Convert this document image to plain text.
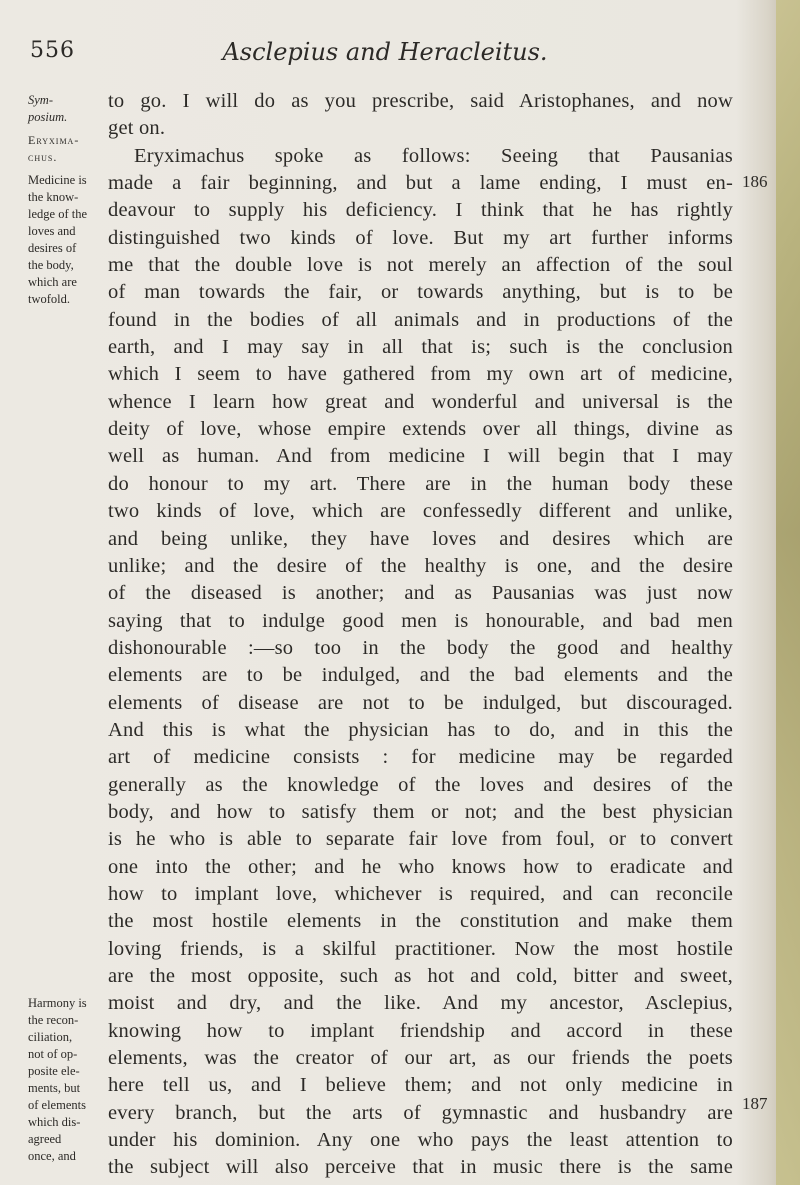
556	Asclepius and Heracleitus.
Sym-
posium.
Eryxima-
chus.
Medicine is
the know-
ledge of the
loves and
desires of
the body,
which are
twofold.
Harmony is
the recon-
ciliation,
not of op-
posite ele-
ments, but
of elements
which dis-
agreed
once, and
186
187
to go. I will do as you prescribe, said Aristophanes, and now
get on.
Eryximachus spoke as follows: Seeing that Pausanias
made a fair beginning, and but a lame ending, I must en-
deavour to supply his deficiency. I think that he has rightly
distinguished two kinds of love. But my art further informs
me that the double love is not merely an affection of the soul
of man towards the fair, or towards anything, but is to be
found in the bodies of all animals and in productions of the
earth, and I may say in all that is; such is the conclusion
which I seem to have gathered from my own art of medicine,
whence I learn how great and wonderful and universal is the
deity of love, whose empire extends over all things, divine as
well as human. And from medicine I will begin that I may
do honour to my art. There are in the human body these
two kinds of love, which are confessedly different and unlike,
and being unlike, they have loves and desires which are
unlike; and the desire of the healthy is one, and the desire
of the diseased is another; and as Pausanias was just now
saying that to indulge good men is honourable, and bad men
dishonourable :—so too in the body the good and healthy
elements are to be indulged, and the bad elements and the
elements of disease are not to be indulged, but discouraged.
And this is what the physician has to do, and in this the
art of medicine consists : for medicine may be regarded
generally as the knowledge of the loves and desires of the
body, and how to satisfy them or not; and the best physician
is he who is able to separate fair love from foul, or to convert
one into the other; and he who knows how to eradicate and
how to implant love, whichever is required, and can reconcile
the most hostile elements in the constitution and make them
loving friends, is a skilful practitioner. Now the most hostile
are the most opposite, such as hot and cold, bitter and sweet,
moist and dry, and the like. And my ancestor, Asclepius,
knowing how to implant friendship and accord in these
elements, was the creator of our art, as our friends the poets
here tell us, and I believe them; and not only medicine in
every branch, but the arts of gymnastic and husbandry are
under his dominion. Any one who pays the least attention to
the subject will also perceive that in music there is the same
